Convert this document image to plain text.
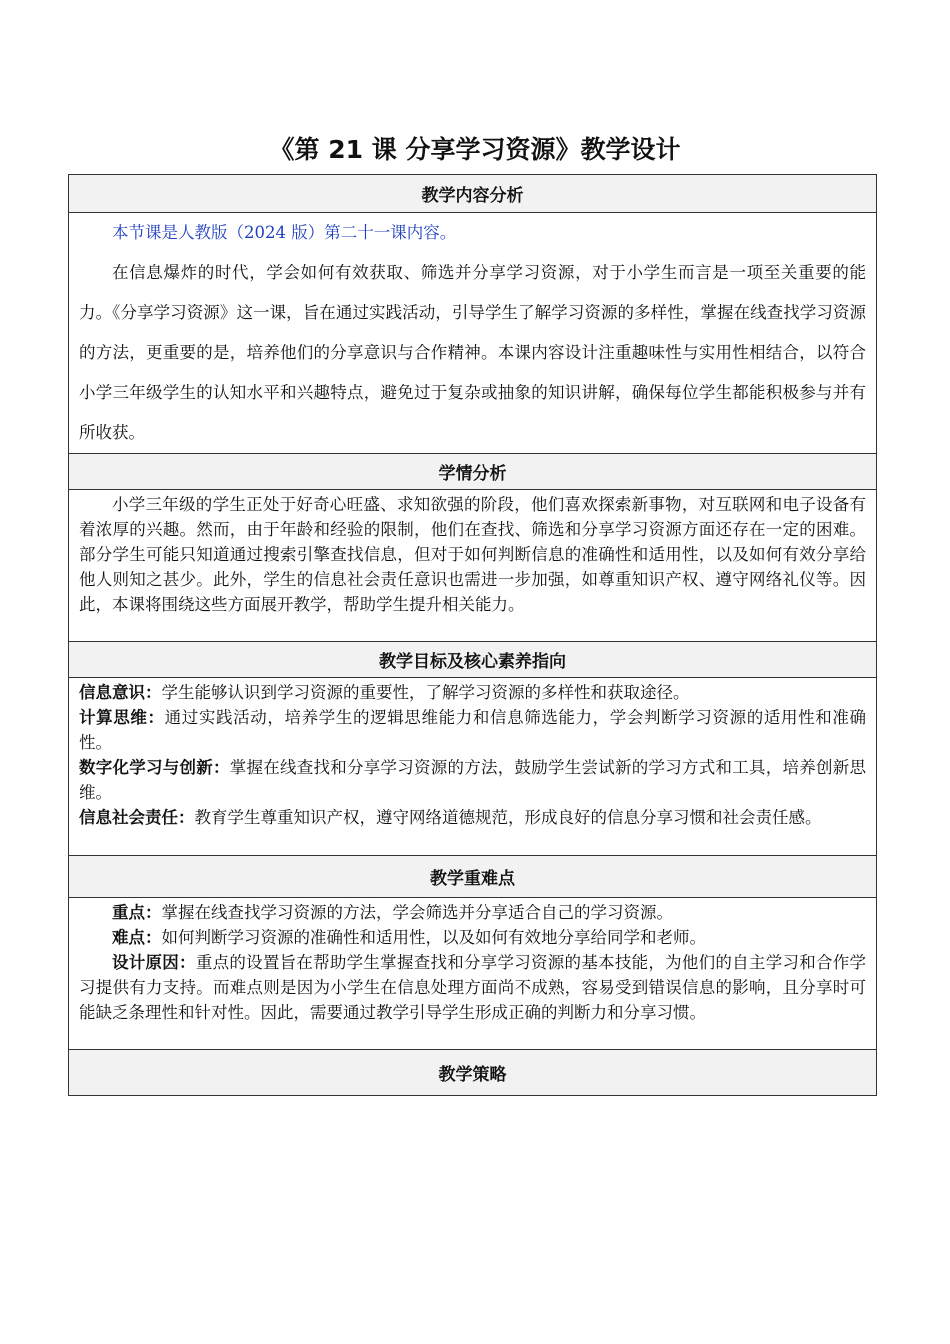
《第 21 课 分享学习资源》教学设计
教学内容分析

本节课是人教版（2024 版）第二十一课内容。

在信息爆炸的时代，学会如何有效获取、筛选并分享学习资源，对于小学生而言是一项至关重要的能力。《分享学习资源》这一课，旨在通过实践活动，引导学生了解学习资源的多样性，掌握在线查找学习资源的方法，更重要的是，培养他们的分享意识与合作精神。本课内容设计注重趣味性与实用性相结合，以符合小学三年级学生的认知水平和兴趣特点，避免过于复杂或抽象的知识讲解，确保每位学生都能积极参与并有所收获。

学情分析

小学三年级的学生正处于好奇心旺盛、求知欲强的阶段，他们喜欢探索新事物，对互联网和电子设备有着浓厚的兴趣。然而，由于年龄和经验的限制，他们在查找、筛选和分享学习资源方面还存在一定的困难。部分学生可能只知道通过搜索引擎查找信息，但对于如何判断信息的准确性和适用性，以及如何有效分享给他人则知之甚少。此外，学生的信息社会责任意识也需进一步加强，如尊重知识产权、遵守网络礼仪等。因此，本课将围绕这些方面展开教学，帮助学生提升相关能力。

教学目标及核心素养指向

信息意识：学生能够认识到学习资源的重要性，了解学习资源的多样性和获取途径。

计算思维：通过实践活动，培养学生的逻辑思维能力和信息筛选能力，学会判断学习资源的适用性和准确性。

数字化学习与创新：掌握在线查找和分享学习资源的方法，鼓励学生尝试新的学习方式和工具，培养创新思维。

信息社会责任：教育学生尊重知识产权，遵守网络道德规范，形成良好的信息分享习惯和社会责任感。

教学重难点

重点：掌握在线查找学习资源的方法，学会筛选并分享适合自己的学习资源。

难点：如何判断学习资源的准确性和适用性，以及如何有效地分享给同学和老师。

设计原因：重点的设置旨在帮助学生掌握查找和分享学习资源的基本技能，为他们的自主学习和合作学习提供有力支持。而难点则是因为小学生在信息处理方面尚不成熟，容易受到错误信息的影响，且分享时可能缺乏条理性和针对性。因此，需要通过教学引导学生形成正确的判断力和分享习惯。

教学策略
